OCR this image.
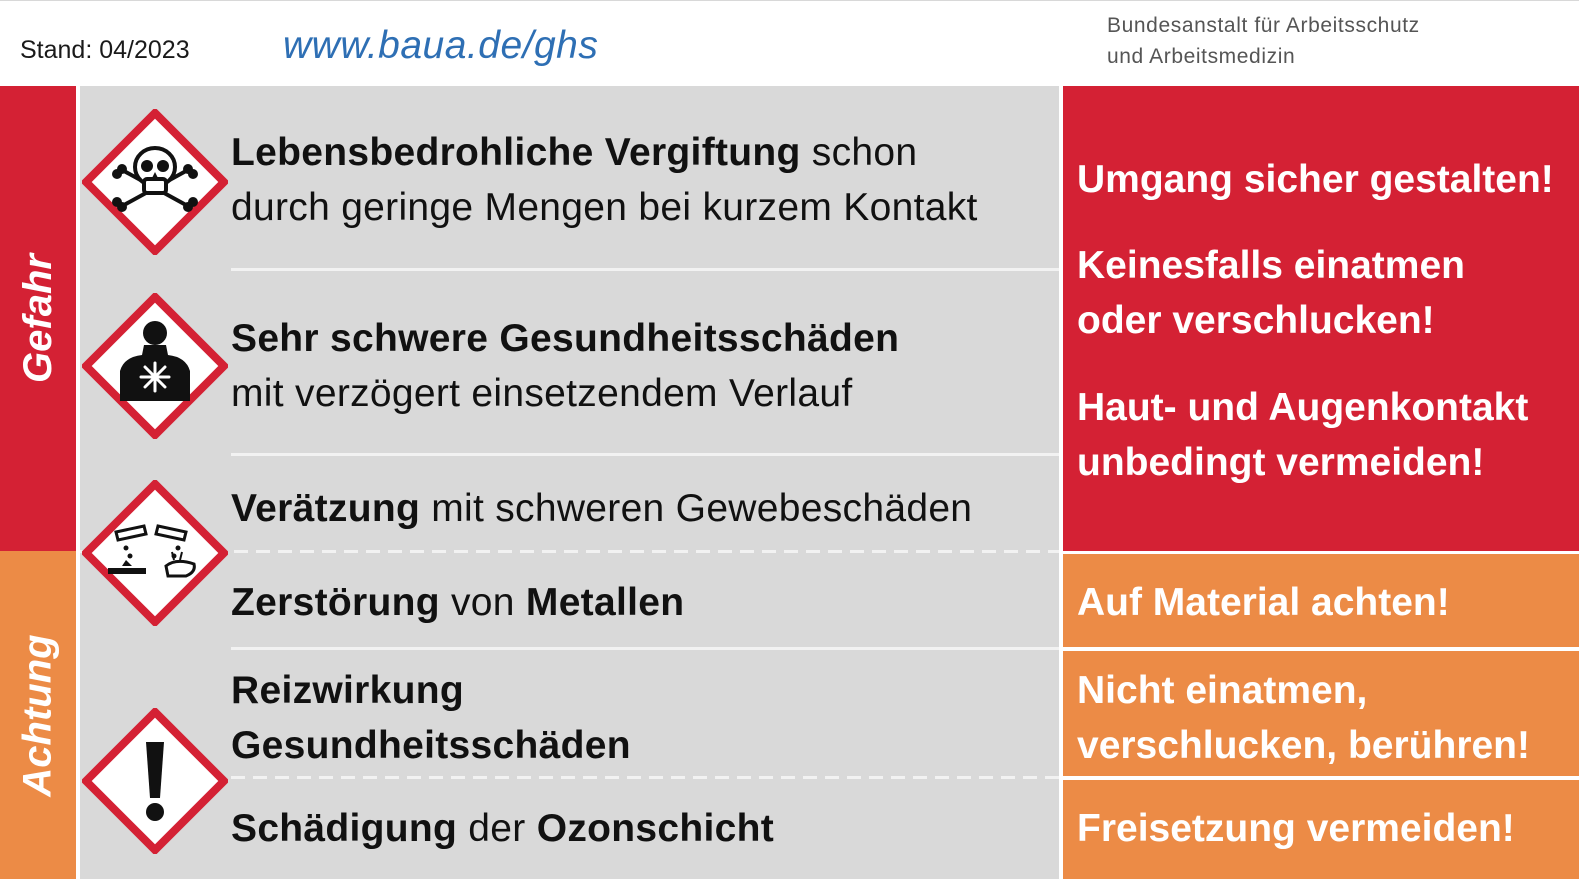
Stand: 04/2023 www.baua.de/ghs	Bundesanstalt für Arbeitsschutz
und Arbeitsmedizin
Gefahr
Achtung
Lebensbedrohliche Vergiftung schon
durch geringe Mengen bei kurzem Kontakt
Sehr schwere Gesundheitsschäden
mit verzögert einsetzendem Verlauf
Verätzung mit schweren Gewebeschäden
Zerstörung von Metallen
Reizwirkung
Gesundheitsschäden
Schädigung der Ozonschicht
Umgang sicher gestalten!
Keinesfalls einatmen
oder verschlucken!
Haut- und Augenkontakt
unbedingt vermeiden!
Auf Material achten!
Nicht einatmen,
verschlucken, berühren!
Freisetzung vermeiden!
